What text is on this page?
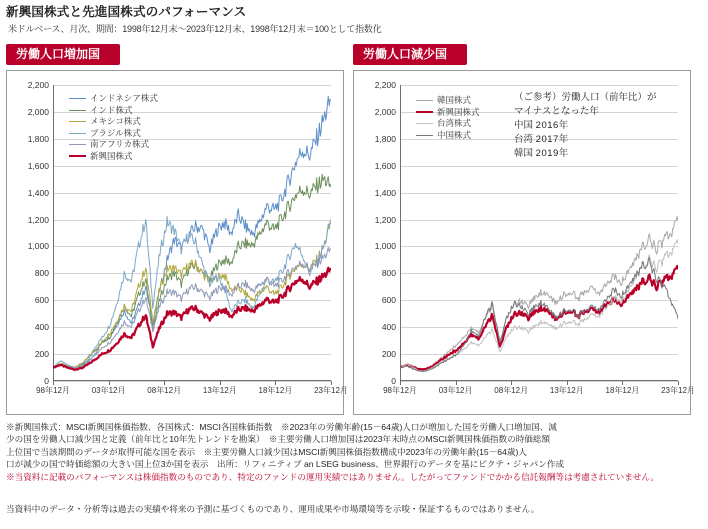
新興国株式と先進国株式のパフォーマンス
米ドルベース、月次、期間：1998年12月末～2023年12月末、1998年12月末＝100として指数化
労働人口増加国	労働人口減少国
0
200
400
600
800
1,000
1,200
1,400
1,600
1,800
2,000
2,200
98年12月	03年12月	08年12月	13年12月	18年12月	23年12月
インドネシア株式
インド株式
メキシコ株式
ブラジル株式
南アフリカ株式
新興国株式
0
200
400
600
800
1,000
1,200
1,400
1,600
1,800
2,000
2,200
98年12月	03年12月	08年12月	13年12月	18年12月	23年12月
韓国株式
新興国株式
台湾株式
中国株式
（ご参考）労働人口（前年比）が
マイナスとなった年
中国 2016年
台湾 2017年
韓国 2019年
※新興国株式：MSCI新興国株価指数、各国株式：MSCI各国株価指数　※2023年の労働年齢(15－64歳)人口が増加した国を労働人口増加国、減
少の国を労働人口減少国と定義（前年比と10年先トレンドを勘案）　※主要労働人口増加国は2023年末時点のMSCI新興国株価指数の時価総額
上位国で当該期間のデータが取得可能な国を表示　※主要労働人口減少国はMSCI新興国株価指数構成中2023年の労働年齢(15－64歳)人
口が減少の国で時価総額の大きい国上位3か国を表示　出所：リフィニティブ an LSEG business、世界銀行のデータを基にピクテ・ジャパン作成
※当資料に記載のパフォーマンスは株価指数のものであり、特定のファンドの運用実績ではありません。したがってファンドでかかる信託報酬等は考慮されていません。
当資料中のデータ・分析等は過去の実績や将来の予測に基づくものであり、運用成果や市場環境等を示唆・保証するものではありません。
